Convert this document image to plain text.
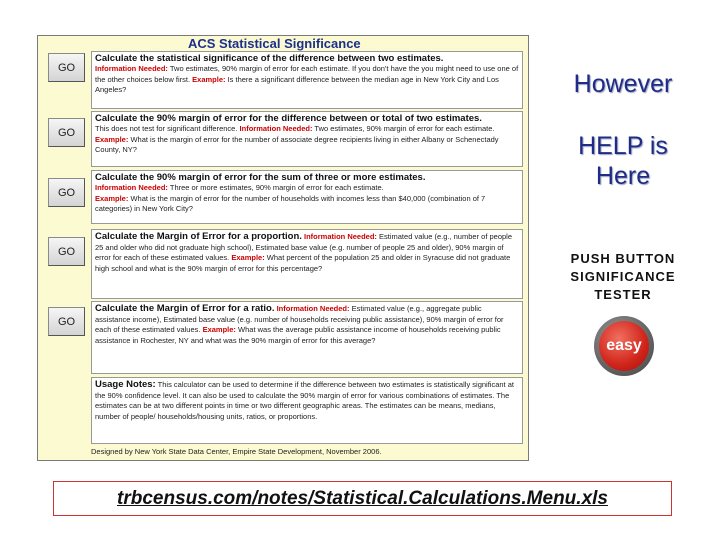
ACS Statistical Significance
GO
GO
GO
GO
GO
Calculate the statistical significance of the difference between two estimates.
Information Needed: Two estimates, 90% margin of error for each estimate. If you don't have the you might need to use one of the other choices below first. Example: Is there a significant difference between the median age in New York City and Los Angeles?
Calculate the 90% margin of error for the difference between or total of two estimates.
This does not test for significant difference. Information Needed: Two estimates, 90% margin of error for each estimate. Example: What is the margin of error for the number of associate degree recipients living in either Albany or Schenectady County, NY?
Calculate the 90% margin of error for the sum of three or more estimates.
Information Needed: Three or more estimates, 90% margin of error for each estimate.
Example: What is the margin of error for the number of households with incomes less than $40,000 (combination of 7 categories) in New York City?
Calculate the Margin of Error for a proportion. Information Needed: Estimated value (e.g., number of people 25 and older who did not graduate high school), Estimated base value (e.g. number of people 25 and older), 90% margin of error for each of these estimated values. Example: What percent of the population 25 and older in Syracuse did not graduate high school and what is the 90% margin of error for this percentage?
Calculate the Margin of Error for a ratio. Information Needed: Estimated value (e.g., aggregate public assistance income), Estimated base value (e.g. number of households receiving public assistance), 90% margin of error for each of these estimated values. Example: What was the average public assistance income of households receiving public assistance in Rochester, NY and what was the 90% margin of error for this average?
Usage Notes: This calculator can be used to determine if the difference between two estimates is statistically significant at the 90% confidence level. It can also be used to calculate the 90% margin of error for various combinations of estimates. The estimates can be at two different points in time or two different geographic areas. The estimates can be means, medians, number of people/ households/housing units, ratios, or proportions.
Designed by New York State Data Center, Empire State Development, November 2006.
However
HELP is
Here
PUSH BUTTON
SIGNIFICANCE
TESTER
easy
trbcensus.com/notes/Statistical.Calculations.Menu.xls
